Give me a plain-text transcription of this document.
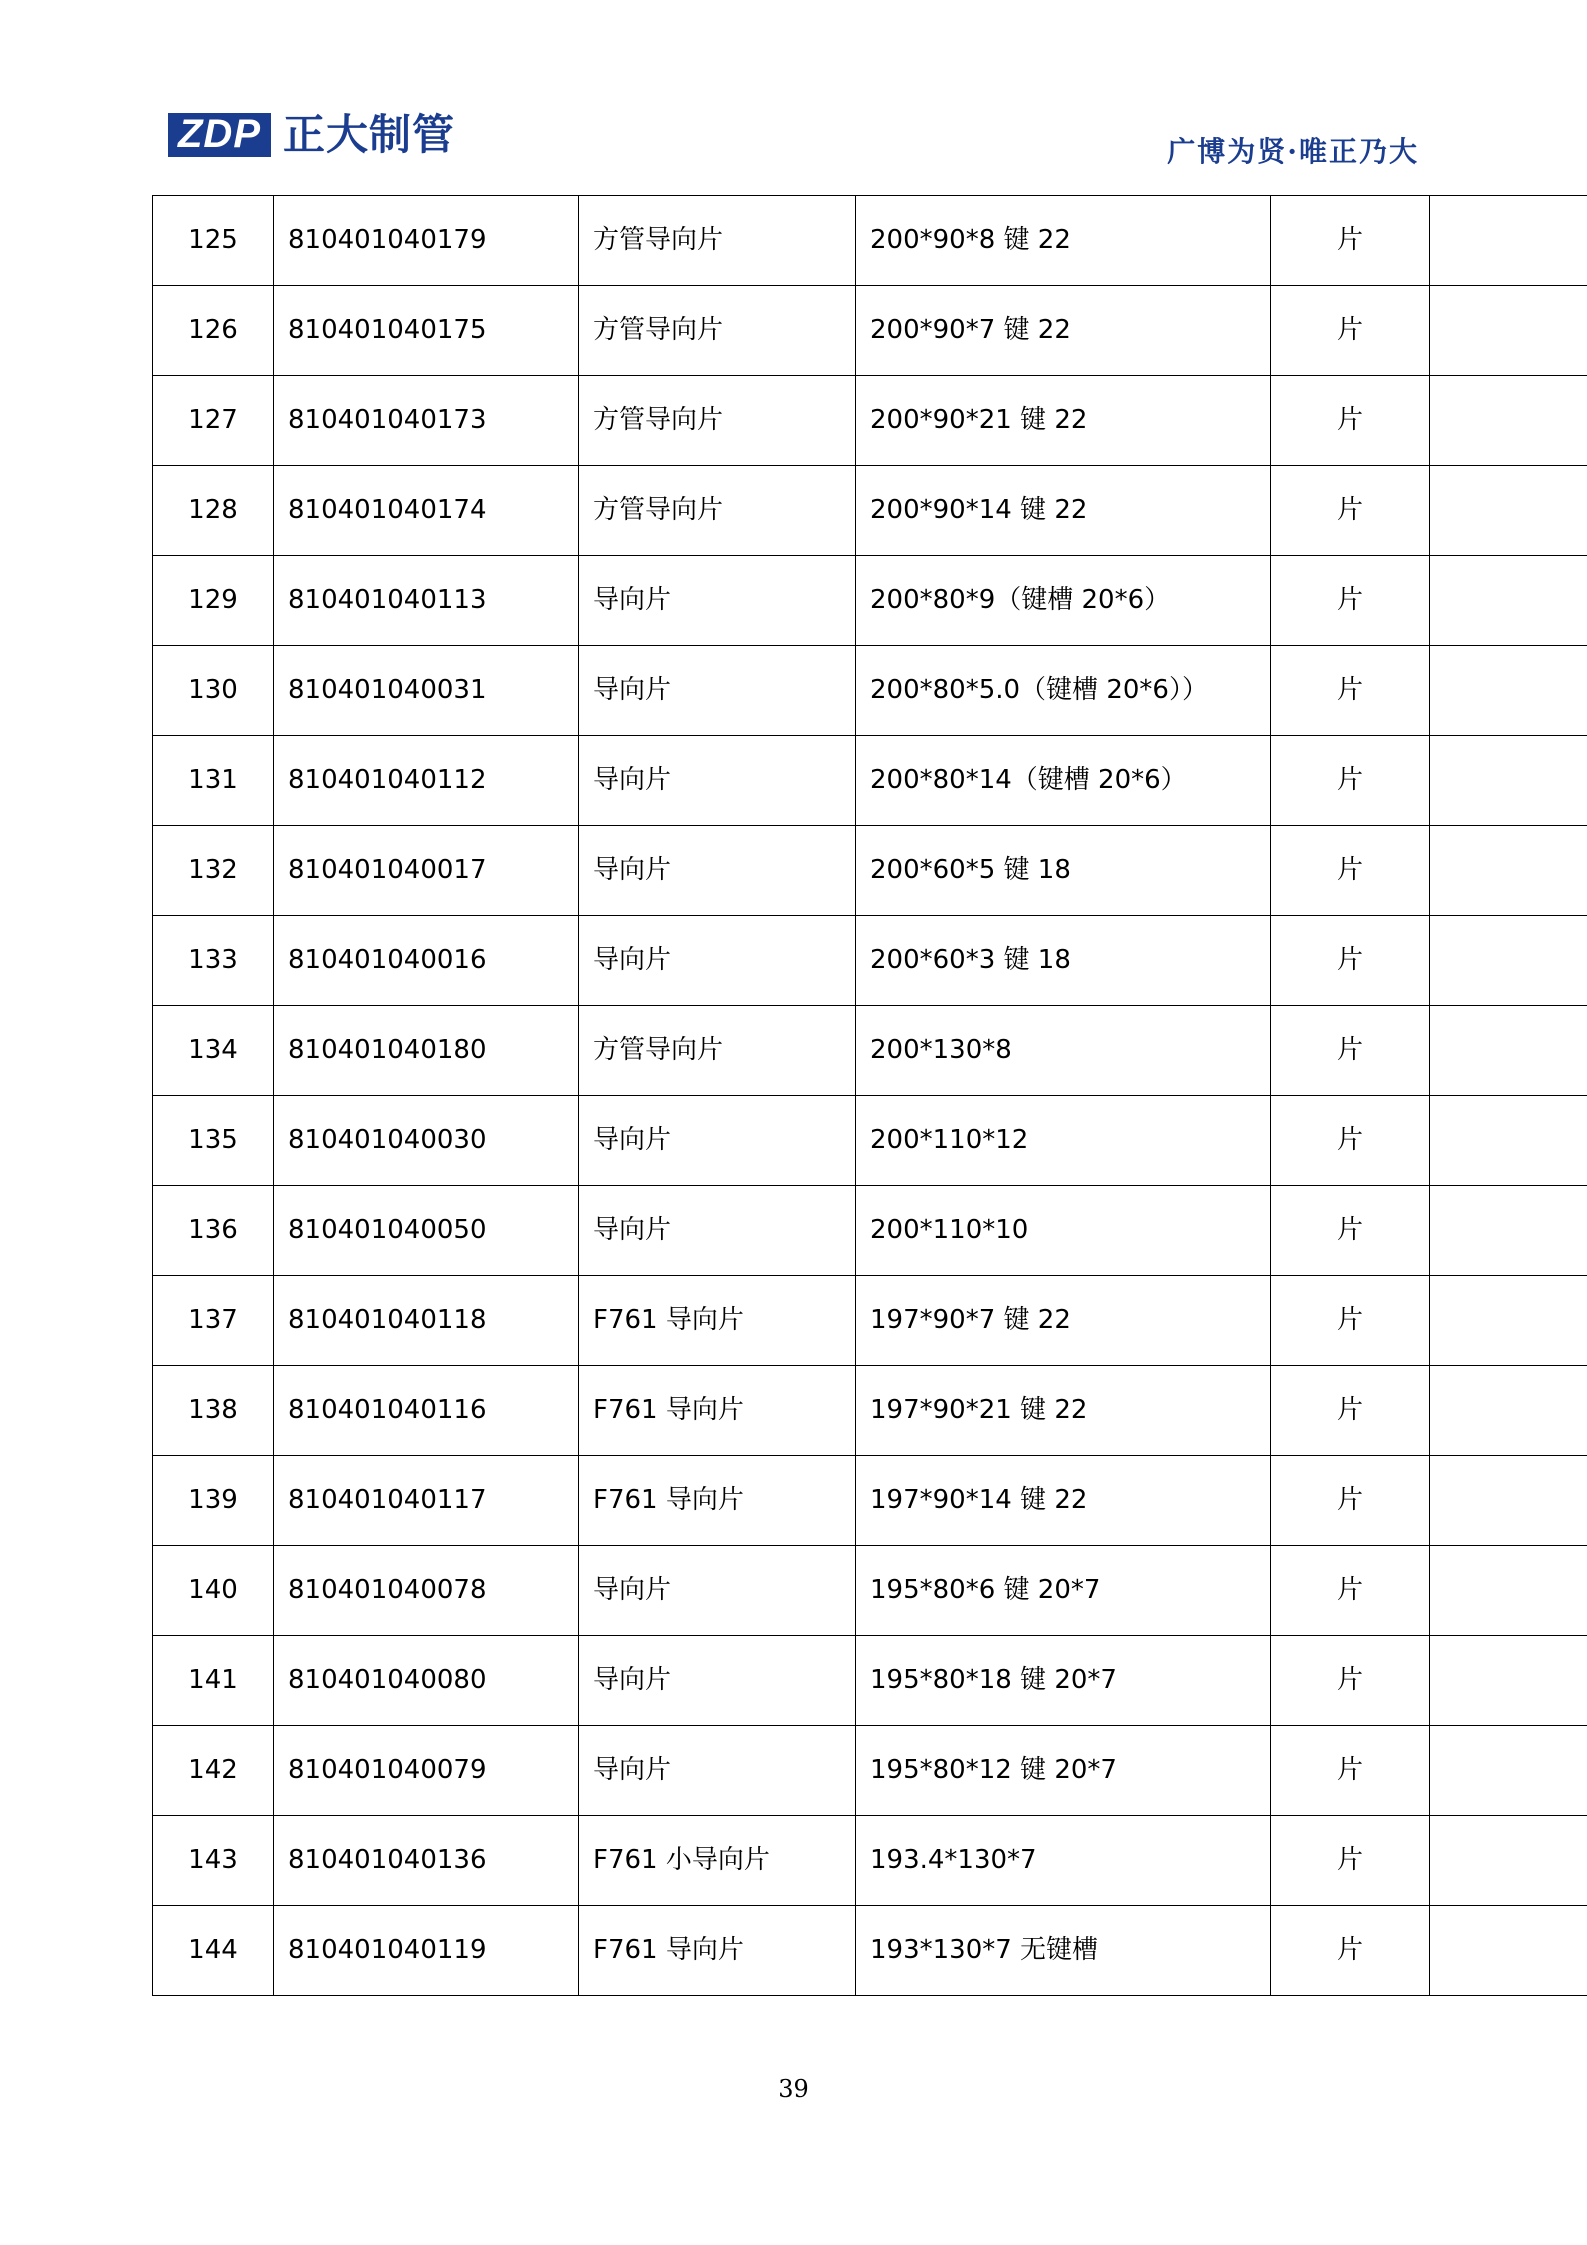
ZDP 正大制管	广博为贤·唯正乃大
125	810401040179	方管导向片	200*90*8 键 22	片	
126	810401040175	方管导向片	200*90*7 键 22	片	
127	810401040173	方管导向片	200*90*21 键 22	片	
128	810401040174	方管导向片	200*90*14 键 22	片	
129	810401040113	导向片	200*80*9（键槽 20*6）	片	
130	810401040031	导向片	200*80*5.0（键槽 20*6））	片	
131	810401040112	导向片	200*80*14（键槽 20*6）	片	
132	810401040017	导向片	200*60*5 键 18	片	
133	810401040016	导向片	200*60*3 键 18	片	
134	810401040180	方管导向片	200*130*8	片	
135	810401040030	导向片	200*110*12	片	
136	810401040050	导向片	200*110*10	片	
137	810401040118	F761 导向片	197*90*7 键 22	片	
138	810401040116	F761 导向片	197*90*21 键 22	片	
139	810401040117	F761 导向片	197*90*14 键 22	片	
140	810401040078	导向片	195*80*6 键 20*7	片	
141	810401040080	导向片	195*80*18 键 20*7	片	
142	810401040079	导向片	195*80*12 键 20*7	片	
143	810401040136	F761 小导向片	193.4*130*7	片	
144	810401040119	F761 导向片	193*130*7 无键槽	片	
39
